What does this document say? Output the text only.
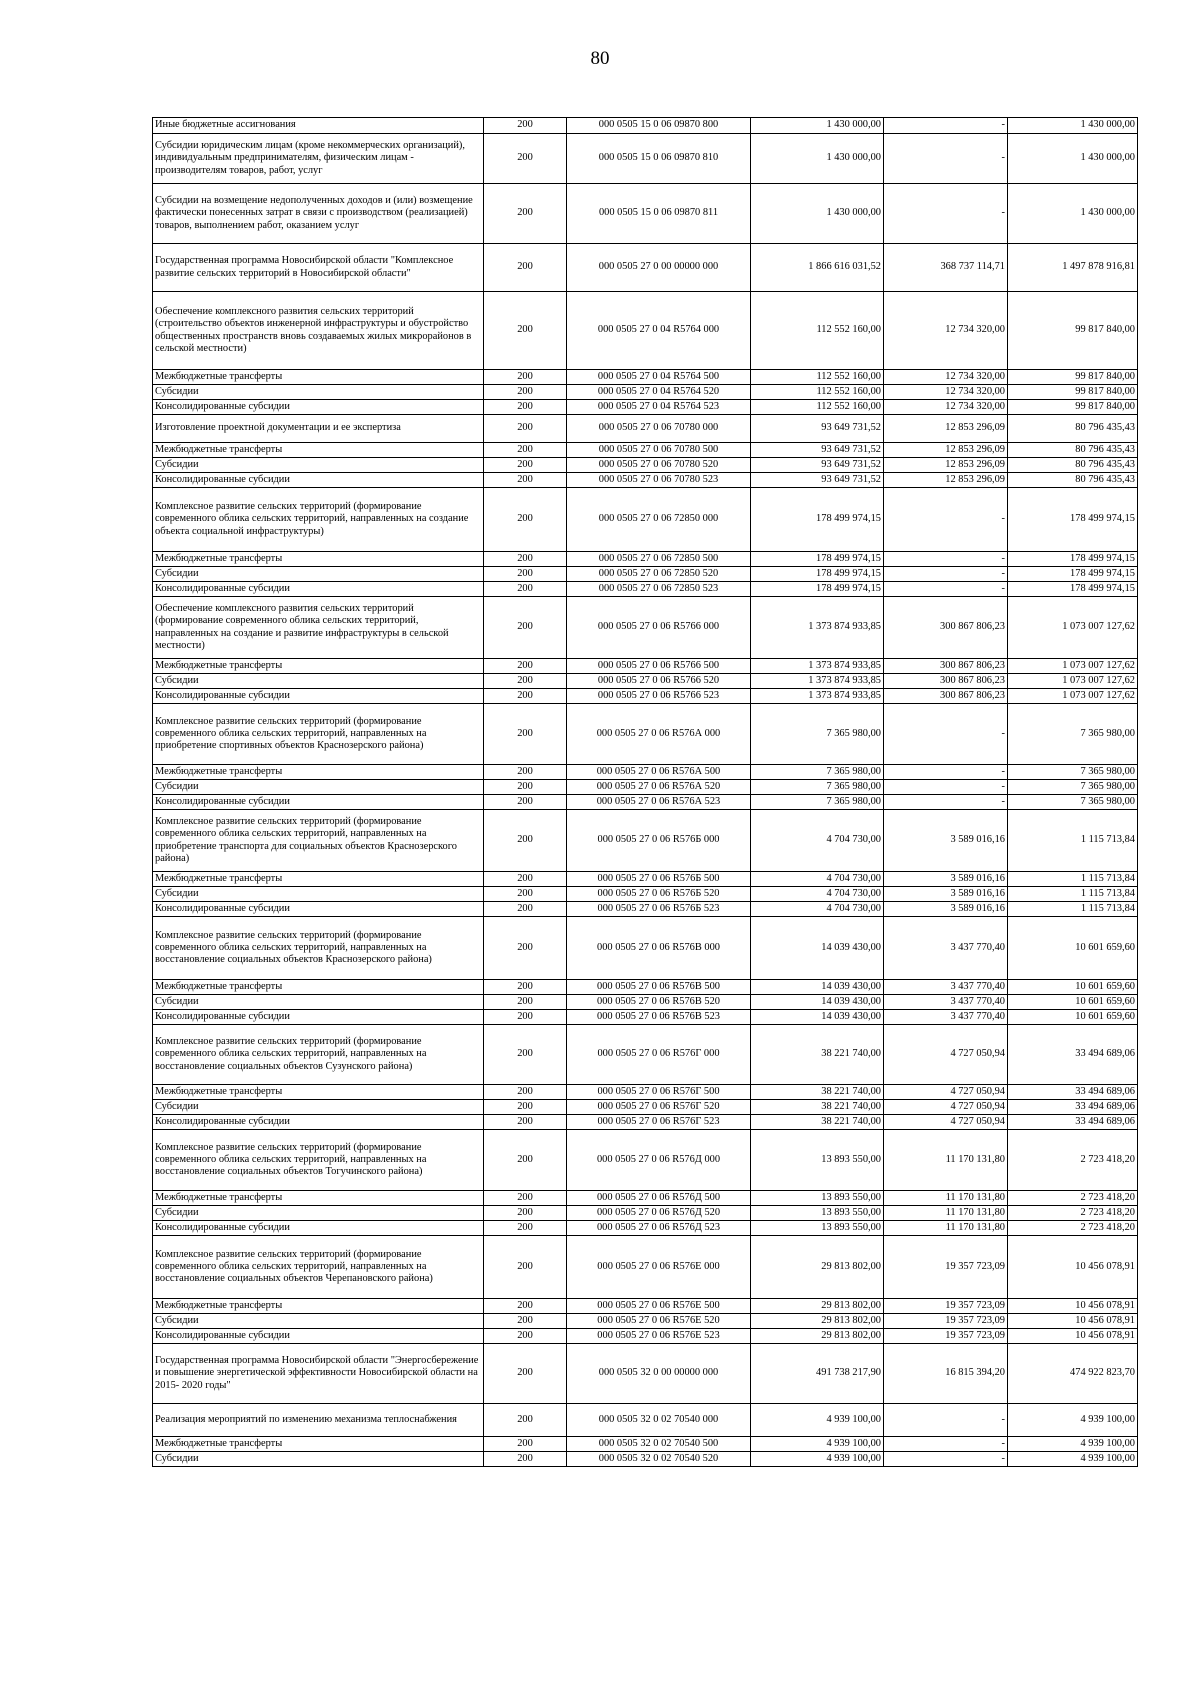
80
Иные бюджетные ассигнования	200	000 0505 15 0 06 09870 800	1 430 000,00	-	1 430 000,00
Субсидии юридическим лицам (кроме некоммерческих организаций), индивидуальным предпринимателям, физическим лицам - производителям товаров, работ, услуг	200	000 0505 15 0 06 09870 810	1 430 000,00	-	1 430 000,00
Субсидии на возмещение недополученных доходов и (или) возмещение фактически понесенных затрат в связи с производством (реализацией) товаров, выполнением работ, оказанием услуг	200	000 0505 15 0 06 09870 811	1 430 000,00	-	1 430 000,00
Государственная программа Новосибирской области "Комплексное развитие сельских территорий в Новосибирской области"	200	000 0505 27 0 00 00000 000	1 866 616 031,52	368 737 114,71	1 497 878 916,81
Обеспечение комплексного развития сельских территорий (строительство объектов инженерной инфраструктуры и обустройство общественных пространств вновь создаваемых жилых микрорайонов в сельской местности)	200	000 0505 27 0 04 R5764 000	112 552 160,00	12 734 320,00	99 817 840,00
Межбюджетные трансферты	200	000 0505 27 0 04 R5764 500	112 552 160,00	12 734 320,00	99 817 840,00
Субсидии	200	000 0505 27 0 04 R5764 520	112 552 160,00	12 734 320,00	99 817 840,00
Консолидированные субсидии	200	000 0505 27 0 04 R5764 523	112 552 160,00	12 734 320,00	99 817 840,00
Изготовление проектной документации и ее экспертиза	200	000 0505 27 0 06 70780 000	93 649 731,52	12 853 296,09	80 796 435,43
Межбюджетные трансферты	200	000 0505 27 0 06 70780 500	93 649 731,52	12 853 296,09	80 796 435,43
Субсидии	200	000 0505 27 0 06 70780 520	93 649 731,52	12 853 296,09	80 796 435,43
Консолидированные субсидии	200	000 0505 27 0 06 70780 523	93 649 731,52	12 853 296,09	80 796 435,43
Комплексное развитие сельских территорий (формирование современного облика сельских территорий, направленных на создание объекта социальной инфраструктуры)	200	000 0505 27 0 06 72850 000	178 499 974,15	-	178 499 974,15
Межбюджетные трансферты	200	000 0505 27 0 06 72850 500	178 499 974,15	-	178 499 974,15
Субсидии	200	000 0505 27 0 06 72850 520	178 499 974,15	-	178 499 974,15
Консолидированные субсидии	200	000 0505 27 0 06 72850 523	178 499 974,15	-	178 499 974,15
Обеспечение комплексного развития сельских территорий (формирование современного облика сельских территорий, направленных на создание и развитие инфраструктуры в сельской местности)	200	000 0505 27 0 06 R5766 000	1 373 874 933,85	300 867 806,23	1 073 007 127,62
Межбюджетные трансферты	200	000 0505 27 0 06 R5766 500	1 373 874 933,85	300 867 806,23	1 073 007 127,62
Субсидии	200	000 0505 27 0 06 R5766 520	1 373 874 933,85	300 867 806,23	1 073 007 127,62
Консолидированные субсидии	200	000 0505 27 0 06 R5766 523	1 373 874 933,85	300 867 806,23	1 073 007 127,62
Комплексное развитие сельских территорий (формирование современного облика сельских территорий, направленных на приобретение спортивных объектов Краснозерского района)	200	000 0505 27 0 06 R576А 000	7 365 980,00	-	7 365 980,00
Межбюджетные трансферты	200	000 0505 27 0 06 R576А 500	7 365 980,00	-	7 365 980,00
Субсидии	200	000 0505 27 0 06 R576А 520	7 365 980,00	-	7 365 980,00
Консолидированные субсидии	200	000 0505 27 0 06 R576А 523	7 365 980,00	-	7 365 980,00
Комплексное развитие сельских территорий (формирование современного облика сельских территорий, направленных на приобретение транспорта для социальных объектов Краснозерского района)	200	000 0505 27 0 06 R576Б 000	4 704 730,00	3 589 016,16	1 115 713,84
Межбюджетные трансферты	200	000 0505 27 0 06 R576Б 500	4 704 730,00	3 589 016,16	1 115 713,84
Субсидии	200	000 0505 27 0 06 R576Б 520	4 704 730,00	3 589 016,16	1 115 713,84
Консолидированные субсидии	200	000 0505 27 0 06 R576Б 523	4 704 730,00	3 589 016,16	1 115 713,84
Комплексное развитие сельских территорий (формирование современного облика сельских территорий, направленных на восстановление социальных объектов Краснозерского района)	200	000 0505 27 0 06 R576В 000	14 039 430,00	3 437 770,40	10 601 659,60
Межбюджетные трансферты	200	000 0505 27 0 06 R576В 500	14 039 430,00	3 437 770,40	10 601 659,60
Субсидии	200	000 0505 27 0 06 R576В 520	14 039 430,00	3 437 770,40	10 601 659,60
Консолидированные субсидии	200	000 0505 27 0 06 R576В 523	14 039 430,00	3 437 770,40	10 601 659,60
Комплексное развитие сельских территорий (формирование современного облика сельских территорий, направленных на восстановление социальных объектов Сузунского района)	200	000 0505 27 0 06 R576Г 000	38 221 740,00	4 727 050,94	33 494 689,06
Межбюджетные трансферты	200	000 0505 27 0 06 R576Г 500	38 221 740,00	4 727 050,94	33 494 689,06
Субсидии	200	000 0505 27 0 06 R576Г 520	38 221 740,00	4 727 050,94	33 494 689,06
Консолидированные субсидии	200	000 0505 27 0 06 R576Г 523	38 221 740,00	4 727 050,94	33 494 689,06
Комплексное развитие сельских территорий (формирование современного облика сельских территорий, направленных на восстановление социальных объектов Тогучинского района)	200	000 0505 27 0 06 R576Д 000	13 893 550,00	11 170 131,80	2 723 418,20
Межбюджетные трансферты	200	000 0505 27 0 06 R576Д 500	13 893 550,00	11 170 131,80	2 723 418,20
Субсидии	200	000 0505 27 0 06 R576Д 520	13 893 550,00	11 170 131,80	2 723 418,20
Консолидированные субсидии	200	000 0505 27 0 06 R576Д 523	13 893 550,00	11 170 131,80	2 723 418,20
Комплексное развитие сельских территорий (формирование современного облика сельских территорий, направленных на восстановление социальных объектов Черепановского района)	200	000 0505 27 0 06 R576Е 000	29 813 802,00	19 357 723,09	10 456 078,91
Межбюджетные трансферты	200	000 0505 27 0 06 R576Е 500	29 813 802,00	19 357 723,09	10 456 078,91
Субсидии	200	000 0505 27 0 06 R576Е 520	29 813 802,00	19 357 723,09	10 456 078,91
Консолидированные субсидии	200	000 0505 27 0 06 R576Е 523	29 813 802,00	19 357 723,09	10 456 078,91
Государственная программа Новосибирской области "Энергосбережение и повышение энергетической эффективности Новосибирской области на 2015- 2020 годы"	200	000 0505 32 0 00 00000 000	491 738 217,90	16 815 394,20	474 922 823,70
Реализация мероприятий по изменению механизма теплоснабжения	200	000 0505 32 0 02 70540 000	4 939 100,00	-	4 939 100,00
Межбюджетные трансферты	200	000 0505 32 0 02 70540 500	4 939 100,00	-	4 939 100,00
Субсидии	200	000 0505 32 0 02 70540 520	4 939 100,00	-	4 939 100,00
